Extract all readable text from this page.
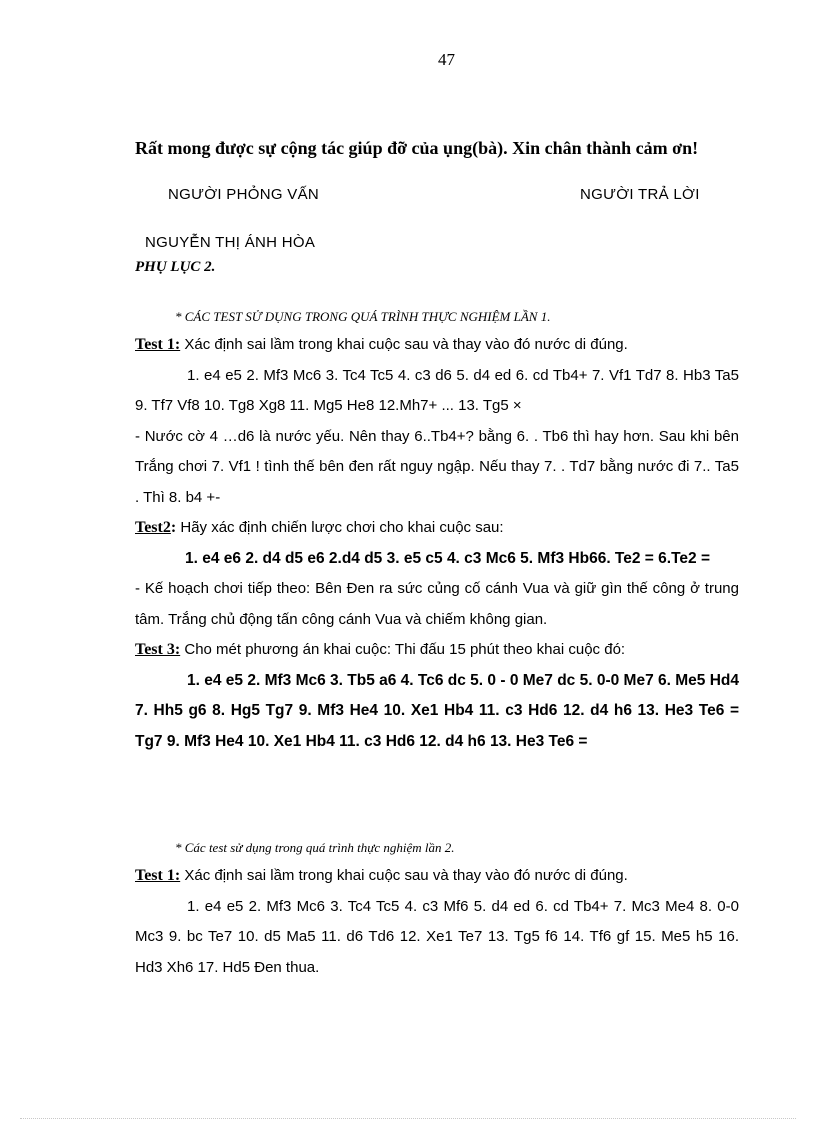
47
Rất mong được sự cộng tác giúp đỡ của ụng(bà). Xin chân thành cảm ơn!
NGƯỜI PHỎNG VẤN	NGƯỜI TRẢ LỜI
NGUYỄN THỊ ÁNH HÒA
PHỤ LỤC 2.
* CÁC TEST SỬ DỤNG TRONG QUÁ TRÌNH THỰC NGHIỆM LẦN 1.

Test 1: Xác định sai lầm trong khai cuộc sau và thay vào đó nước di đúng.

1. e4 e5 2. Mf3 Mc6 3. Tc4 Tc5 4. c3 d6 5. d4 ed 6. cd Tb4+ 7. Vf1 Td7 8. Hb3 Ta5 9. Tf7 Vf8 10. Tg8 Xg8 11. Mg5 He8 12.Mh7+ ... 13. Tg5 ×

- Nước cờ 4 …d6 là nước yếu. Nên thay 6..Tb4+? bằng 6. . Tb6 thì hay hơn. Sau khi bên Trắng chơi 7. Vf1 ! tình thế bên đen rất nguy ngập. Nếu thay 7. . Td7 bằng nước đi 7.. Ta5 . Thì 8. b4 +-

Test2: Hãy xác định chiến lược chơi cho khai cuộc sau:

1. e4 e6 2. d4 d5 e6 2.d4 d5 3. e5 c5 4. c3 Mc6 5. Mf3 Hb66. Te2 = 6.Te2 =

- Kế hoạch chơi tiếp theo: Bên Đen ra sức củng cố cánh Vua và giữ gìn thế công ở trung tâm. Trắng chủ động tấn công cánh Vua và chiếm không gian.

Test 3: Cho mét phương án khai cuộc: Thi đấu 15 phút theo khai cuộc đó:

1. e4 e5 2. Mf3 Mc6 3. Tb5 a6 4. Tc6 dc 5. 0 - 0 Me7 dc 5. 0-0 Me7 6. Me5 Hd4 7. Hh5 g6 8. Hg5 Tg7 9. Mf3 He4 10. Xe1 Hb4 11. c3 Hd6 12. d4 h6 13. He3 Te6 = Tg7 9. Mf3 He4 10. Xe1 Hb4 11. c3 Hd6 12. d4 h6 13. He3 Te6 =

* Các test sử dụng trong quá trình thực nghiệm lần 2.

Test 1: Xác định sai lầm trong khai cuộc sau và thay vào đó nước di đúng.

1. e4 e5 2. Mf3 Mc6 3. Tc4 Tc5 4. c3 Mf6 5. d4 ed 6. cd Tb4+ 7. Mc3 Me4 8. 0-0 Mc3 9. bc Te7 10. d5 Ma5 11. d6 Td6 12. Xe1 Te7 13. Tg5 f6 14. Tf6 gf 15. Me5 h5 16. Hd3 Xh6 17. Hd5 Đen thua.
